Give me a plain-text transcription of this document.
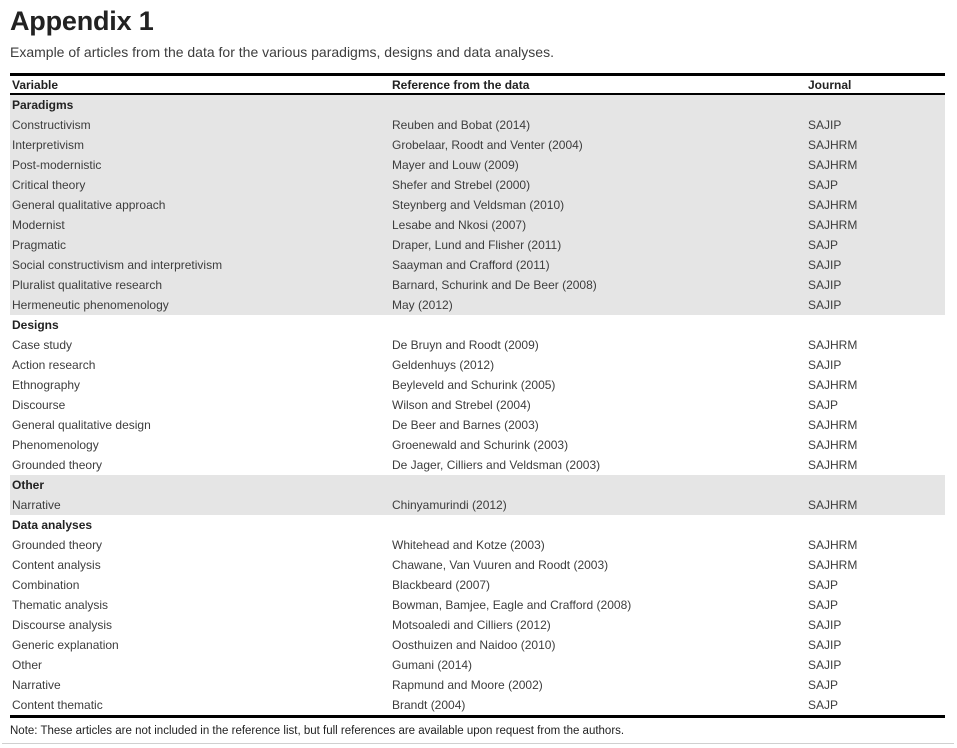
Appendix 1

Example of articles from the data for the various paradigms, designs and data analyses.

Variable	Reference from the data	Journal
Paradigms
Constructivism	Reuben and Bobat (2014)	SAJIP
Interpretivism	Grobelaar, Roodt and Venter (2004)	SAJHRM
Post-modernistic	Mayer and Louw (2009)	SAJHRM
Critical theory	Shefer and Strebel (2000)	SAJP
General qualitative approach	Steynberg and Veldsman (2010)	SAJHRM
Modernist	Lesabe and Nkosi (2007)	SAJHRM
Pragmatic	Draper, Lund and Flisher (2011)	SAJP
Social constructivism and interpretivism	Saayman and Crafford (2011)	SAJIP
Pluralist qualitative research	Barnard, Schurink and De Beer (2008)	SAJIP
Hermeneutic phenomenology	May (2012)	SAJIP
Designs
Case study	De Bruyn and Roodt (2009)	SAJHRM
Action research	Geldenhuys (2012)	SAJIP
Ethnography	Beyleveld and Schurink (2005)	SAJHRM
Discourse	Wilson and Strebel (2004)	SAJP
General qualitative design	De Beer and Barnes (2003)	SAJHRM
Phenomenology	Groenewald and Schurink (2003)	SAJHRM
Grounded theory	De Jager, Cilliers and Veldsman (2003)	SAJHRM
Other
Narrative	Chinyamurindi (2012)	SAJHRM
Data analyses
Grounded theory	Whitehead and Kotze (2003)	SAJHRM
Content analysis	Chawane, Van Vuuren and Roodt (2003)	SAJHRM
Combination	Blackbeard (2007)	SAJP
Thematic analysis	Bowman, Bamjee, Eagle and Crafford (2008)	SAJP
Discourse analysis	Motsoaledi and Cilliers (2012)	SAJIP
Generic explanation	Oosthuizen and Naidoo (2010)	SAJIP
Other	Gumani (2014)	SAJIP
Narrative	Rapmund and Moore (2002)	SAJP
Content thematic	Brandt (2004)	SAJP

Note: These articles are not included in the reference list, but full references are available upon request from the authors.
